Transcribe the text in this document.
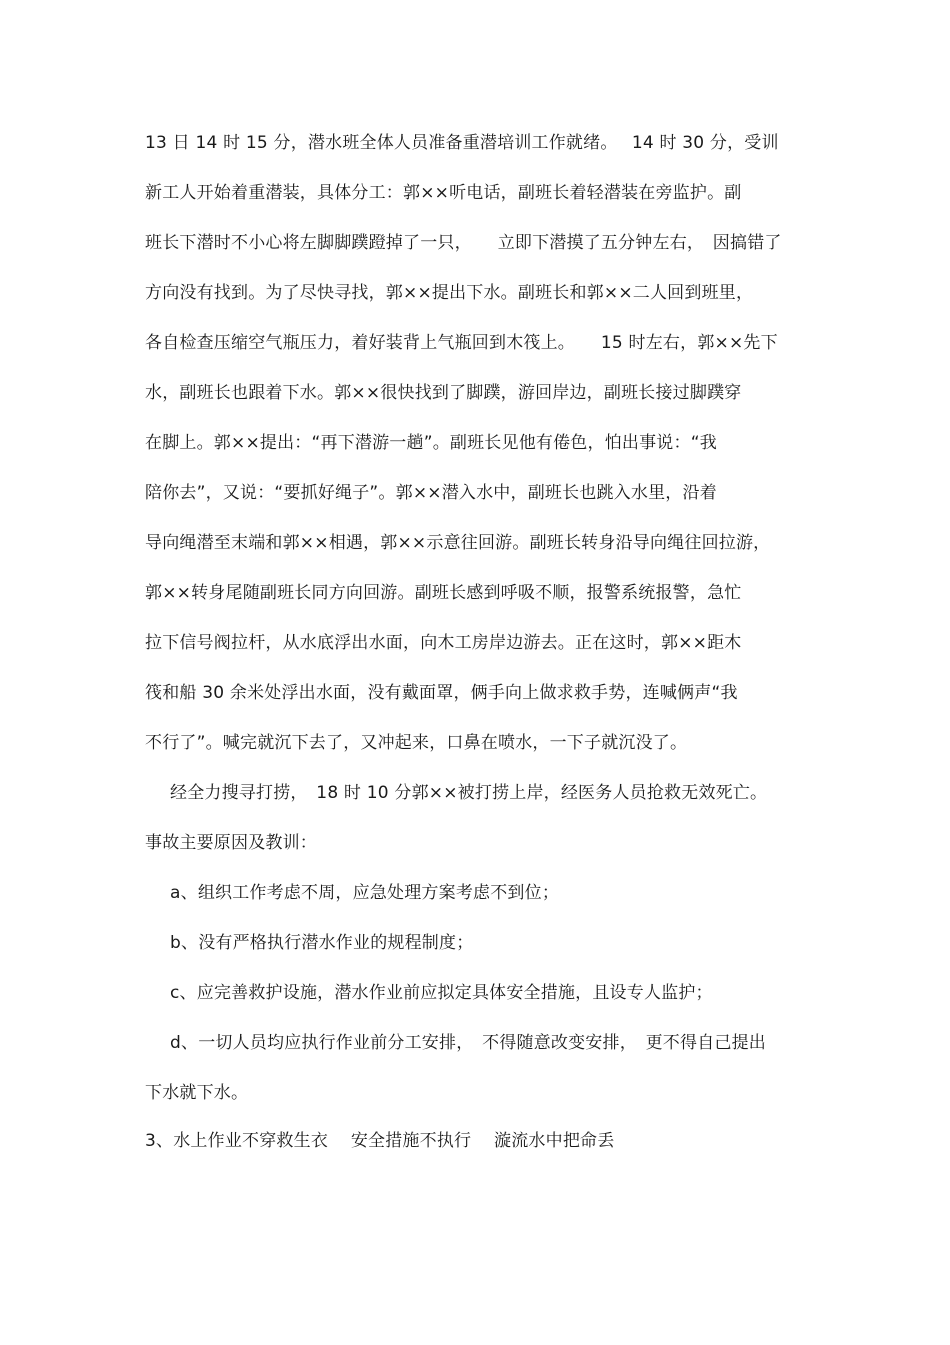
13 日 14 时 15 分，潜水班全体人员准备重潜培训工作就绪。　 14 时 30 分，受训
新工人开始着重潜装，具体分工：郭××听电话，副班长着轻潜装在旁监护。副
班长下潜时不小心将左脚脚蹼蹬掉了一只，　　立即下潜摸了五分钟左右，　因搞错了
方向没有找到。为了尽快寻找，郭××提出下水。副班长和郭××二人回到班里，
各自检查压缩空气瓶压力，着好装背上气瓶回到木筏上。　　15 时左右，郭××先下
水，副班长也跟着下水。郭××很快找到了脚蹼，游回岸边，副班长接过脚蹼穿
在脚上。郭××提出：“再下潜游一趟”。副班长见他有倦色，怕出事说：“我
陪你去”，又说：“要抓好绳子”。郭××潜入水中，副班长也跳入水里，沿着
导向绳潜至末端和郭××相遇，郭××示意往回游。副班长转身沿导向绳往回拉游，
郭××转身尾随副班长同方向回游。副班长感到呼吸不顺，报警系统报警，急忙
拉下信号阀拉杆，从水底浮出水面，向木工房岸边游去。正在这时，郭××距木
筏和船 30 余米处浮出水面，没有戴面罩，俩手向上做求救手势，连喊俩声“我
不行了”。喊完就沉下去了，又冲起来，口鼻在喷水，一下子就沉没了。
经全力搜寻打捞，　18 时 10 分郭××被打捞上岸，经医务人员抢救无效死亡。
事故主要原因及教训：
a、组织工作考虑不周，应急处理方案考虑不到位；
b、没有严格执行潜水作业的规程制度；
c、应完善救护设施，潜水作业前应拟定具体安全措施，且设专人监护；
d、一切人员均应执行作业前分工安排，　不得随意改变安排，　更不得自己提出
下水就下水。
3、水上作业不穿救生衣　 安全措施不执行　 漩流水中把命丢
